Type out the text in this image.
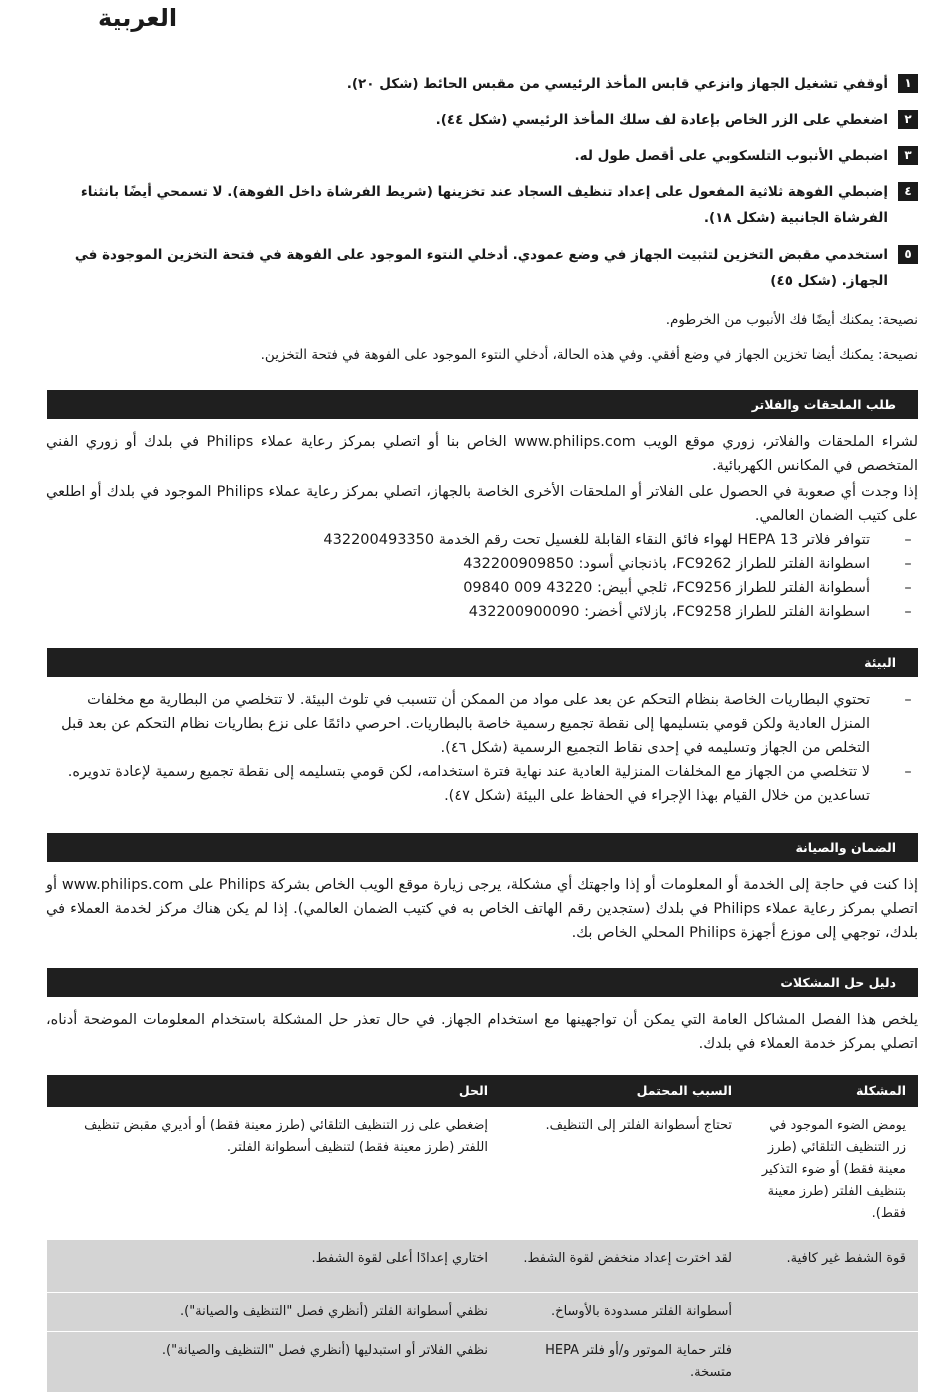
العربية
١
أوقفي تشغيل الجهاز وانزعي قابس المأخذ الرئيسي من مقبس الحائط (شكل ٢٠).
٢
اضغطي على الزر الخاص بإعادة لف سلك المأخذ الرئيسي (شكل ٤٤).
٣
اضبطي الأنبوب التلسكوبي على أقصل طول له.
٤
إضبطي الفوهة ثلاثية المفعول على إعداد تنظيف السجاد عند تخزينها (شريط الفرشاة داخل الفوهة). لا تسمحي أيضًا بانثناء الفرشاة الجانبية (شكل ١٨).
٥
استخدمي مقبض التخزين لتثبيت الجهاز في وضع عمودي. أدخلي النتوء الموجود على الفوهة في فتحة التخزين الموجودة في الجهاز. (شكل ٤٥)
نصيحة: يمكنك أيضًا فك الأنبوب من الخرطوم.
نصيحة: يمكنك أيضا تخزين الجهاز في وضع أفقي. وفي هذه الحالة، أدخلي النتوء الموجود على الفوهة في فتحة التخزين.
طلب الملحقات والفلاتر
لشراء الملحقات والفلاتر، زوري موقع الويب www.philips.com الخاص بنا أو اتصلي بمركز رعاية عملاء Philips في بلدك أو زوري الفني المتخصص في المكانس الكهربائية.
إذا وجدت أي صعوبة في الحصول على الفلاتر أو الملحقات الأخرى الخاصة بالجهاز، اتصلي بمركز رعاية عملاء Philips الموجود في بلدك أو اطلعي على كتيب الضمان العالمي.
–
تتوافر فلاتر HEPA 13 لهواء فائق النقاء القابلة للغسيل تحت رقم الخدمة 432200493350
–
اسطوانة الفلتر للطراز FC9262، باذنجاني أسود: 432200909850
–
أسطوانة الفلتر للطراز FC9256، ثلجي أبيض: 43220 009 09840
–
اسطوانة الفلتر للطراز FC9258، بازلائي أخضر: 432200900090
البيئة
–
تحتوي البطاريات الخاصة بنظام التحكم عن بعد على مواد من الممكن أن تتسبب في تلوث البيئة. لا تتخلصي من البطارية مع مخلفات المنزل العادية ولكن قومي بتسليمها إلى نقطة تجميع رسمية خاصة بالبطاريات. احرصي دائمًا على نزع بطاريات نظام التحكم عن بعد قبل التخلص من الجهاز وتسليمه في إحدى نقاط التجميع الرسمية (شكل ٤٦).
–
لا تتخلصي من الجهاز مع المخلفات المنزلية العادية عند نهاية فترة استخدامه، لكن قومي بتسليمه إلى نقطة تجميع رسمية لإعادة تدويره. تساعدين من خلال القيام بهذا الإجراء في الحفاظ على البيئة (شكل ٤٧).
الضمان والصيانة
إذا كنت في حاجة إلى الخدمة أو المعلومات أو إذا واجهتك أي مشكلة، يرجى زيارة موقع الويب الخاص بشركة Philips على www.philips.com أو اتصلي بمركز رعاية عملاء Philips في بلدك (ستجدين رقم الهاتف الخاص به في كتيب الضمان العالمي). إذا لم يكن هناك مركز لخدمة العملاء في بلدك، توجهي إلى موزع أجهزة Philips المحلي الخاص بك.
دليل حل المشكلات
يلخص هذا الفصل المشاكل العامة التي يمكن أن تواجهينها مع استخدام الجهاز. في حال تعذر حل المشكلة باستخدام المعلومات الموضحة أدناه، اتصلي بمركز خدمة العملاء في بلدك.
المشكلة	السبب المحتمل	الحل
يومض الضوء الموجود في زر التنظيف التلقائي (طرز معينة فقط) أو ضوء التذكير بتنظيف الفلتر (طرز معينة فقط).	تحتاج أسطوانة الفلتر إلى التنظيف.	إضغطي على زر التنظيف التلقائي (طرز معينة فقط) أو أديري مقبض تنظيف اللفتر (طرز معينة فقط) لتنظيف أسطوانة الفلتر.
قوة الشفط غير كافية.	لقد اخترت إعداد منخفض لقوة الشفط.	اختاري إعدادًا أعلى لقوة الشفط.
	أسطوانة الفلتر مسدودة بالأوساخ.	نظفي أسطوانة الفلتر (أنظري فصل "التنظيف والصيانة").
	فلتر حماية الموتور و/أو فلتر HEPA متسخة.	نظفي الفلاتر أو استبدليها (أنظري فصل "التنظيف والصيانة").
